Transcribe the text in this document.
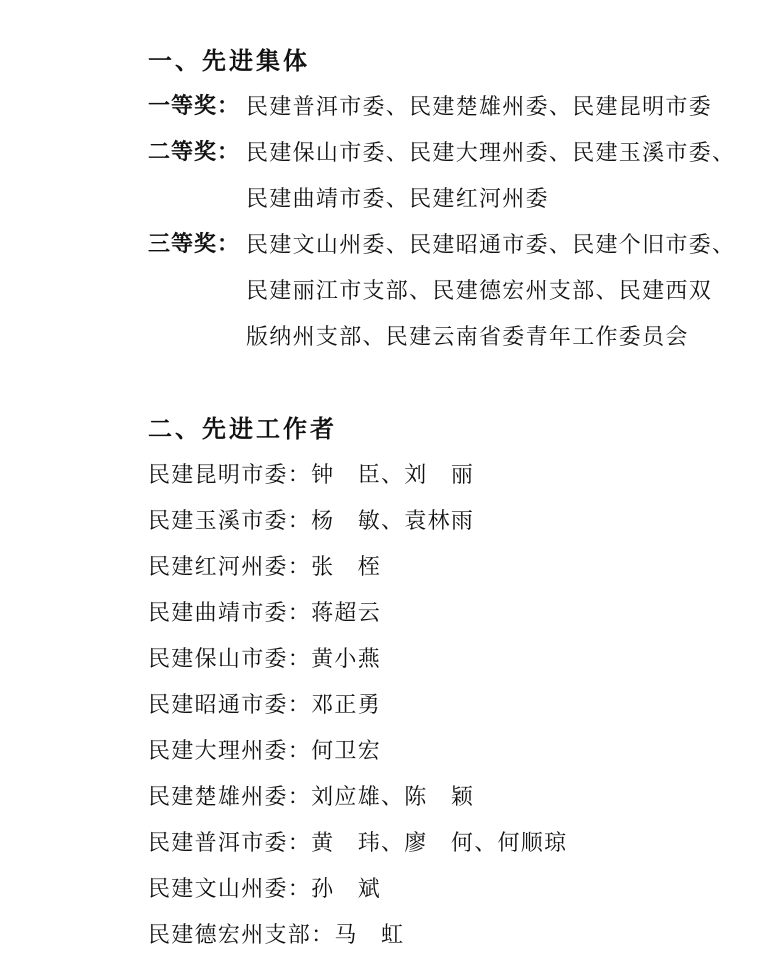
一、先进集体
一等奖： 民建普洱市委、民建楚雄州委、民建昆明市委
二等奖： 民建保山市委、民建大理州委、民建玉溪市委、
民建曲靖市委、民建红河州委
三等奖： 民建文山州委、民建昭通市委、民建个旧市委、
民建丽江市支部、民建德宏州支部、民建西双
版纳州支部、民建云南省委青年工作委员会
二、先进工作者
民建昆明市委：钟　臣、刘　丽
民建玉溪市委：杨　敏、袁林雨
民建红河州委：张　桎
民建曲靖市委：蒋超云
民建保山市委：黄小燕
民建昭通市委：邓正勇
民建大理州委：何卫宏
民建楚雄州委：刘应雄、陈　颖
民建普洱市委：黄　玮、廖　何、何顺琼
民建文山州委：孙　斌
民建德宏州支部：马　虹
